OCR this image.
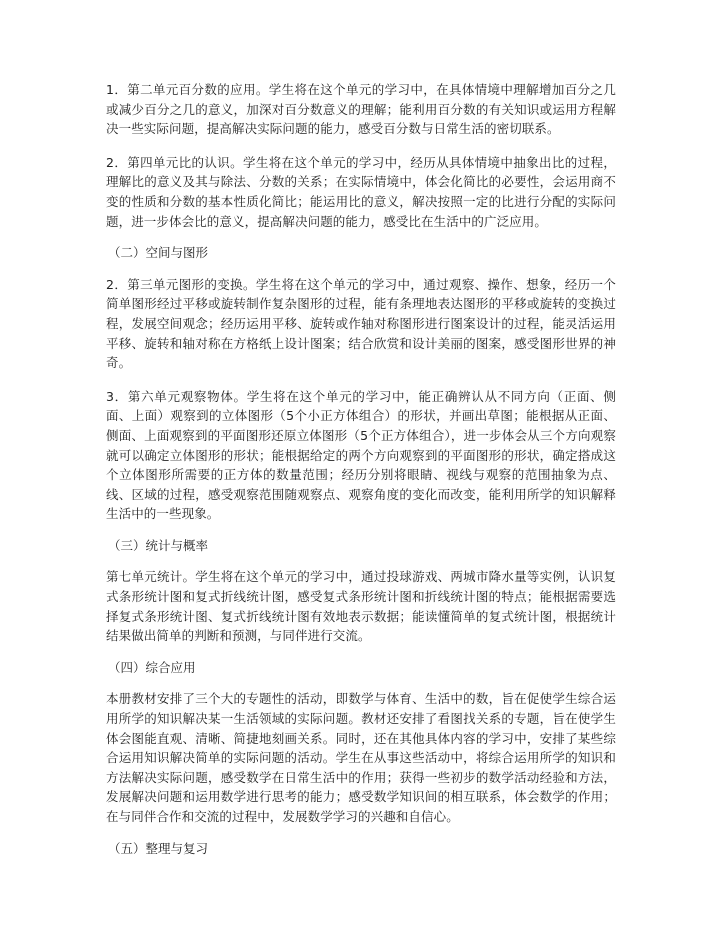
1．第二单元百分数的应用。学生将在这个单元的学习中，在具体情境中理解增加百分之几或减少百分之几的意义，加深对百分数意义的理解；能利用百分数的有关知识或运用方程解决一些实际问题，提高解决实际问题的能力，感受百分数与日常生活的密切联系。

2．第四单元比的认识。学生将在这个单元的学习中，经历从具体情境中抽象出比的过程，理解比的意义及其与除法、分数的关系；在实际情境中，体会化简比的必要性，会运用商不变的性质和分数的基本性质化简比；能运用比的意义，解决按照一定的比进行分配的实际问题，进一步体会比的意义，提高解决问题的能力，感受比在生活中的广泛应用。

（二）空间与图形

2．第三单元图形的变换。学生将在这个单元的学习中，通过观察、操作、想象，经历一个简单图形经过平移或旋转制作复杂图形的过程，能有条理地表达图形的平移或旋转的变换过程，发展空间观念；经历运用平移、旋转或作轴对称图形进行图案设计的过程，能灵活运用平移、旋转和轴对称在方格纸上设计图案；结合欣赏和设计美丽的图案，感受图形世界的神奇。

3．第六单元观察物体。学生将在这个单元的学习中，能正确辨认从不同方向（正面、侧面、上面）观察到的立体图形（5个小正方体组合）的形状，并画出草图；能根据从正面、侧面、上面观察到的平面图形还原立体图形（5个正方体组合），进一步体会从三个方向观察就可以确定立体图形的形状；能根据给定的两个方向观察到的平面图形的形状，确定搭成这个立体图形所需要的正方体的数量范围；经历分别将眼睛、视线与观察的范围抽象为点、线、区域的过程，感受观察范围随观察点、观察角度的变化而改变，能利用所学的知识解释生活中的一些现象。

（三）统计与概率

第七单元统计。学生将在这个单元的学习中，通过投球游戏、两城市降水量等实例，认识复式条形统计图和复式折线统计图，感受复式条形统计图和折线统计图的特点；能根据需要选择复式条形统计图、复式折线统计图有效地表示数据；能读懂简单的复式统计图，根据统计结果做出简单的判断和预测，与同伴进行交流。

（四）综合应用

本册教材安排了三个大的专题性的活动，即数学与体育、生活中的数，旨在促使学生综合运用所学的知识解决某一生活领域的实际问题。教材还安排了看图找关系的专题，旨在使学生体会图能直观、清晰、简捷地刻画关系。同时，还在其他具体内容的学习中，安排了某些综合运用知识解决简单的实际问题的活动。学生在从事这些活动中，将综合运用所学的知识和方法解决实际问题，感受数学在日常生活中的作用；获得一些初步的数学活动经验和方法，发展解决问题和运用数学进行思考的能力；感受数学知识间的相互联系，体会数学的作用；在与同伴合作和交流的过程中，发展数学学习的兴趣和自信心。

（五）整理与复习
